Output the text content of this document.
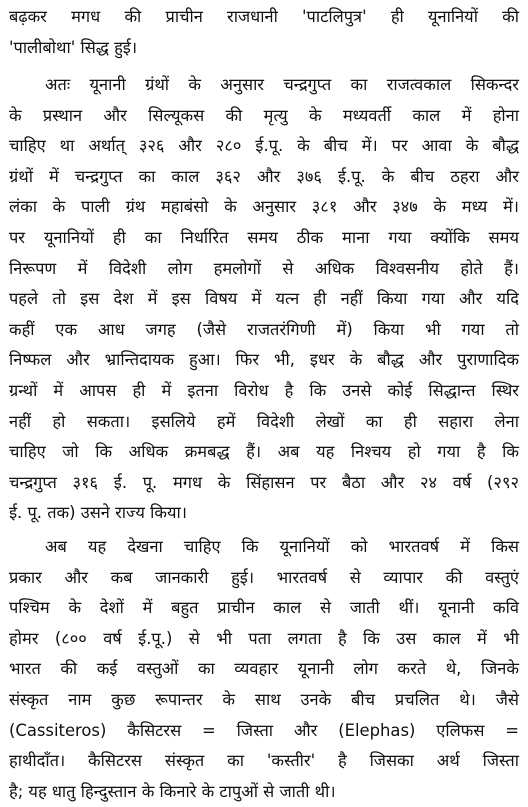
बढ़कर मगध की प्राचीन राजधानी 'पाटलिपुत्र' ही यूनानियों की
'पालीबोथा' सिद्ध हुई।
अतः यूनानी ग्रंथों के अनुसार चन्द्रगुप्त का राजत्वकाल सिकन्दर
के प्रस्थान और सिल्यूकस की मृत्यु के मध्यवर्ती काल में होना
चाहिए था अर्थात् ३२६ और २८० ई.पू. के बीच में। पर आवा के बौद्ध
ग्रंथों में चन्द्रगुप्त का काल ३६२ और ३७६ ई.पू. के बीच ठहरा और
लंका के पाली ग्रंथ महाबंसो के अनुसार ३८१ और ३४७ के मध्य में।
पर यूनानियों ही का निर्धारित समय ठीक माना गया क्योंकि समय
निरूपण में विदेशी लोग हमलोगों से अधिक विश्वसनीय होते हैं।
पहले तो इस देश में इस विषय में यत्न ही नहीं किया गया और यदि
कहीं एक आध जगह (जैसे राजतरंगिणी में) किया भी गया तो
निष्फल और भ्रान्तिदायक हुआ। फिर भी, इधर के बौद्ध और पुराणादिक
ग्रन्थों में आपस ही में इतना विरोध है कि उनसे कोई सिद्धान्त स्थिर
नहीं हो सकता। इसलिये हमें विदेशी लेखों का ही सहारा लेना
चाहिए जो कि अधिक क्रमबद्ध हैं। अब यह निश्चय हो गया है कि
चन्द्रगुप्त ३१६ ई. पू. मगध के सिंहासन पर बैठा और २४ वर्ष (२९२
ई. पू. तक) उसने राज्य किया।
अब यह देखना चाहिए कि यूनानियों को भारतवर्ष में किस
प्रकार और कब जानकारी हुई। भारतवर्ष से व्यापार की वस्तुएं
पश्चिम के देशों में बहुत प्राचीन काल से जाती थीं। यूनानी कवि
होमर (८०० वर्ष ई.पू.) से भी पता लगता है कि उस काल में भी
भारत की कई वस्तुओं का व्यवहार यूनानी लोग करते थे, जिनके
संस्कृत नाम कुछ रूपान्तर के साथ उनके बीच प्रचलित थे। जैसे
(Cassiteros) कैसिटरस = जिस्ता और (Elephas) एलिफस =
हाथीदाँत। कैसिटरस संस्कृत का 'कस्तीर' है जिसका अर्थ जिस्ता
है; यह धातु हिन्दुस्तान के किनारे के टापुओं से जाती थी।
